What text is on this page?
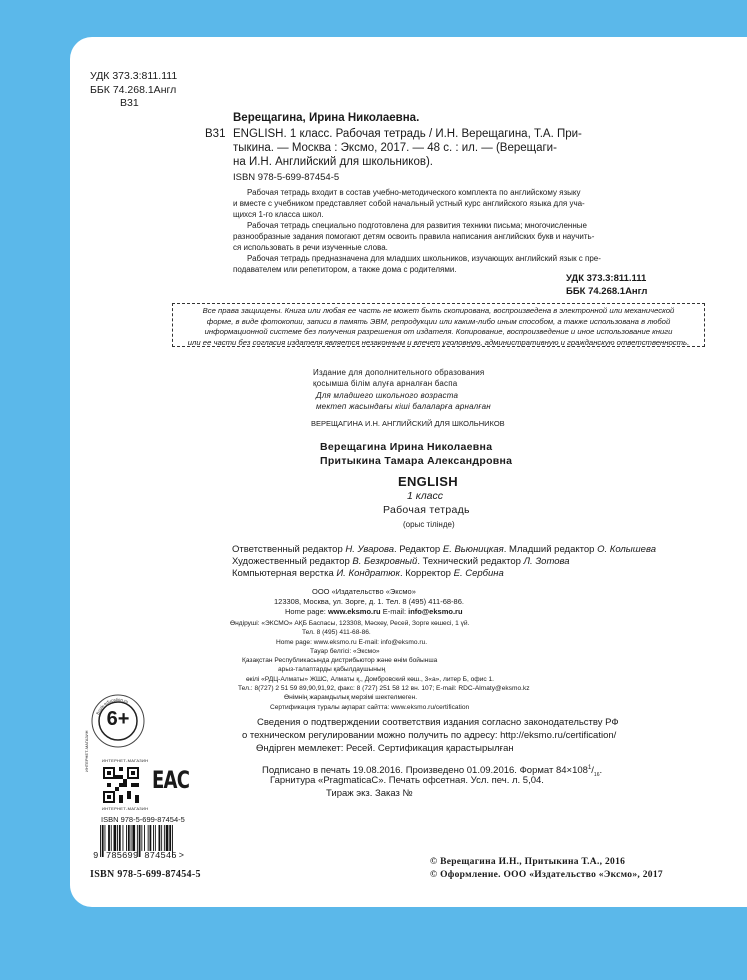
УДК 373.3:811.111
ББК 74.268.1Англ
В31
Верещагина, Ирина Николаевна.
В31 ENGLISH. 1 класс. Рабочая тетрадь / И.Н. Верещагина, Т.А. При-
тыкина. — Москва : Эксмо, 2017. — 48 с. : ил. — (Верещаги-
на И.Н. Английский для школьников).
ISBN 978-5-699-87454-5
Рабочая тетрадь входит в состав учебно-методического комплекта по английскому языку
и вместе с учебником представляет собой начальный устный курс английского языка для уча-
щихся 1-го класса школ.
Рабочая тетрадь специально подготовлена для развития техники письма; многочисленные
разнообразные задания помогают детям освоить правила написания английских букв и научить-
ся использовать в речи изученные слова.
Рабочая тетрадь предназначена для младших школьников, изучающих английский язык с пре-
подавателем или репетитором, а также дома с родителями.
УДК 373.3:811.111
ББК 74.268.1Англ
Все права защищены. Книга или любая ее часть не может быть скопирована, воспроизведена в электронной или механической
форме, в виде фотокопии, записи в память ЭВМ, репродукции или каким-либо иным способом, а также использована в любой
информационной системе без получения разрешения от издателя. Копирование, воспроизведение и иное использование книги
или ее части без согласия издателя является незаконным и влечет уголовную, административную и гражданскую ответственность.
Издание для дополнительного образования
қосымша білім алуға арналған баспа
Для младшего школьного возраста
мектеп жасындағы кіші балаларға арналған
ВЕРЕЩАГИНА И.Н. АНГЛИЙСКИЙ ДЛЯ ШКОЛЬНИКОВ
Верещагина Ирина Николаевна
Притыкина Тамара Александровна
ENGLISH
1 класс
Рабочая тетрадь
(орыс тілінде)
Ответственный редактор Н. Уварова. Редактор Е. Вьюницкая. Младший редактор О. Колышева
Художественный редактор В. Безкровный. Технический редактор Л. Зотова
Компьютерная верстка И. Кондратюк. Корректор Е. Сербина
ООО «Издательство «Эксмо»
123308, Москва, ул. Зорге, д. 1. Тел. 8 (495) 411-68-86.
Home page: www.eksmo.ru E-mail: info@eksmo.ru
Өндіруші: «ЭКСМО» АҚБ Баспасы, 123308, Мәскеу, Ресей, Зорге көшесі, 1 үй.
Тел. 8 (495) 411-68-86.
Home page: www.eksmo.ru E-mail: info@eksmo.ru.
Тауар белгісі: «Эксмо»
Қазақстан Республикасында дистрибьютор және өнім бойынша
арыз-талаптарды қабылдаушының
өкілі «РДЦ-Алматы» ЖШС, Алматы қ., Домбровский көш., 3«а», литер Б, офис 1.
Тел.: 8(727) 2 51 59 89,90,91,92, факс: 8 (727) 251 58 12 вн. 107; E-mail: RDC-Almaty@eksmo.kz
Өнімнің жарамдылық мерзімі шектелмеген.
Сертификация туралы ақпарат сайтта: www.eksmo.ru/certification
Сведения о подтверждении соответствия издания согласно законодательству РФ
о техническом регулировании можно получить по адресу: http://eksmo.ru/certification/
Өндірген мемлекет: Ресей. Сертификация қарастырылған
Подписано в печать 19.08.2016. Произведено 01.09.2016. Формат $84\times 108^1/_{16}$.
Гарнитура «PragmaticaC». Печать офсетная. Усл. печ. л. 5,04.
Тираж экз. Заказ №
Book-education.ru
6+
ИНТЕРНЕТ-МАГАЗИН
ИНТЕРНЕТ-МАГАЗИН
ИНТЕРНЕТ-МАГАЗИН
ЕАС
ISBN 978-5-699-87454-5
9 785699 874545 >
ISBN 978-5-699-87454-5
© Верещагина И.Н., Притыкина Т.А., 2016
© Оформление. ООО «Издательство «Эксмо», 2017
